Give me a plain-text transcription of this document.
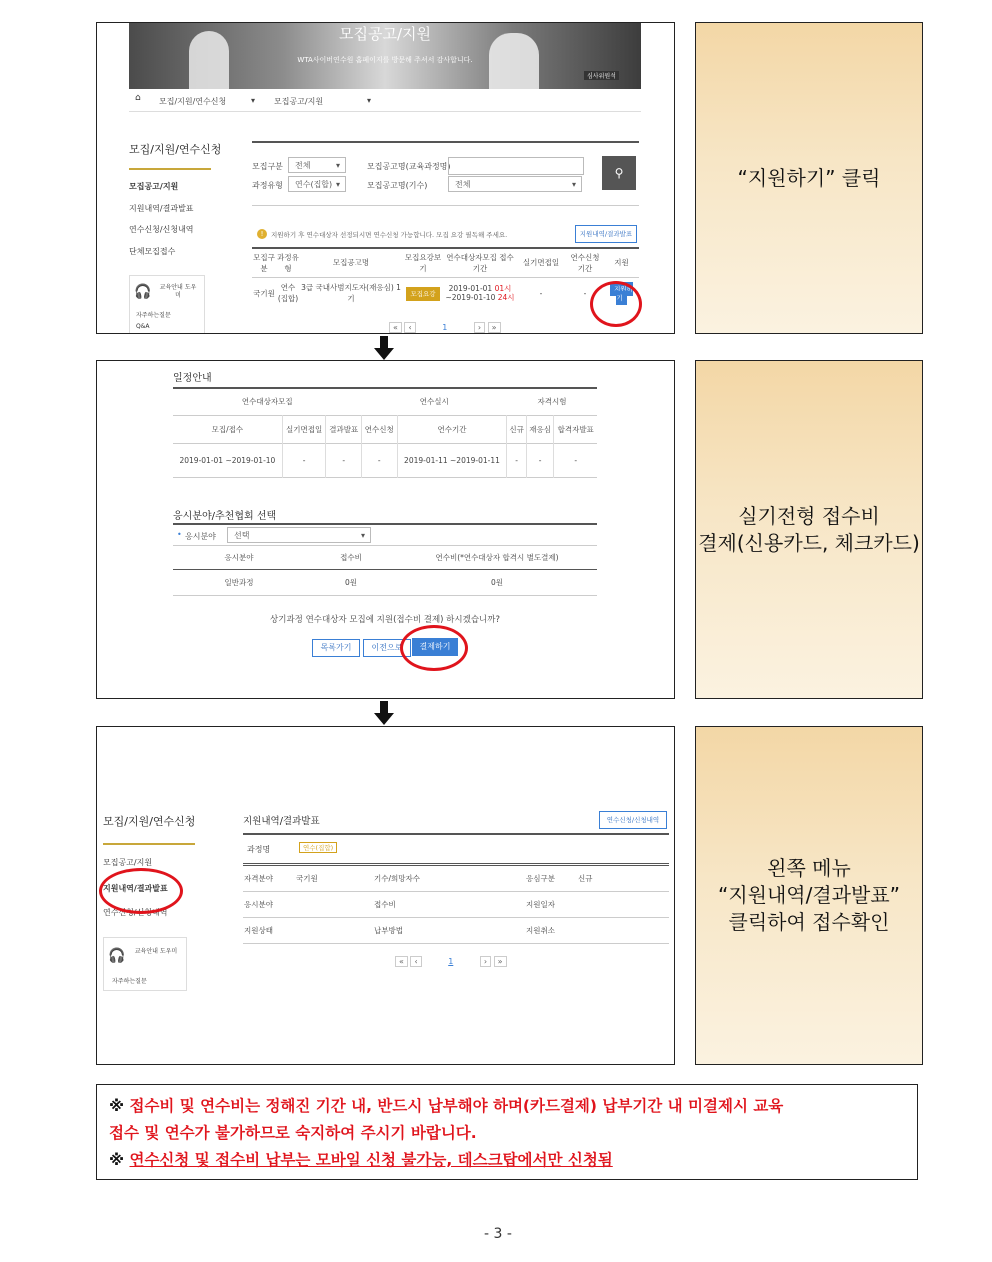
모집공고/지원
WTA사이버연수원 홈페이지를 방문해 주셔서 감사합니다.
심사위원석
⌂ 모집/지원/연수신청	▾ 모집공고/지원	▾
모집/지원/연수신청
모집공고/지원
지원내역/결과발표
연수신청/신청내역
단체모집접수
🎧 교육안내 도우미
자주하는질문
Q&A
모집구분	전체 ▾	모집공고명(교육과정명)
과정유형	연수(집합) ▾	모집공고명(기수)	전체 ▾
⚲
!	지원하기 후 연수대상자 선정되시면 연수신청 가능합니다. 모집 요강 필독해 주세요.	지원내역/결과발표
모집구분	과정유형	모집공고명	모집요강보기	연수대상자모집 접수기간	실기면접일	연수신청 기간	지원
국기원	연수(집합)	3급 국내사범지도자(재응심) 1기	모집요강	2019-01-01 01시
~2019-01-10 24시	-	-	지원하기
« ‹	1	› »
“지원하기” 클릭
일정안내
연수대상자모집			연수실시		자격시험		
모집/접수	실기면접일	결과발표	연수신청	연수기간	신규	재응심	합격자발표
2019-01-01 ~2019-01-10	-	-	-	2019-01-11 ~2019-01-11	-	-	-
응시분야/추천협회 선택
• 응시분야	선택 ▾
응시분야	접수비	연수비(*연수대상자 합격시 별도결제)
일반과정	0원	0원
상기과정 연수대상자 모집에 지원(접수비 결제) 하시겠습니까?
목록가기	이전으로	결제하기
실기전형 접수비
결제(신용카드, 체크카드)
모집/지원/연수신청
모집공고/지원
지원내역/결과발표
연수신청/신청내역
🎧 교육안내 도우미
자주하는질문
지원내역/결과발표	연수신청/신청내역
과정명	연수(집합)
자격분야	국기원	기수/희망자수		응심구분	신규
응시분야		접수비		지원일자	
지원상태		납부방법		지원취소	
« ‹	1	› »
왼쪽 메뉴
“지원내역/결과발표”
클릭하여 접수확인
※ 접수비 및 연수비는 정해진 기간 내, 반드시 납부해야 하며(카드결제) 납부기간 내 미결제시 교육
접수 및 연수가 불가하므로 숙지하여 주시기 바랍니다.
※ 연수신청 및 접수비 납부는 모바일 신청 불가능, 데스크탑에서만 신청됨
- 3 -
